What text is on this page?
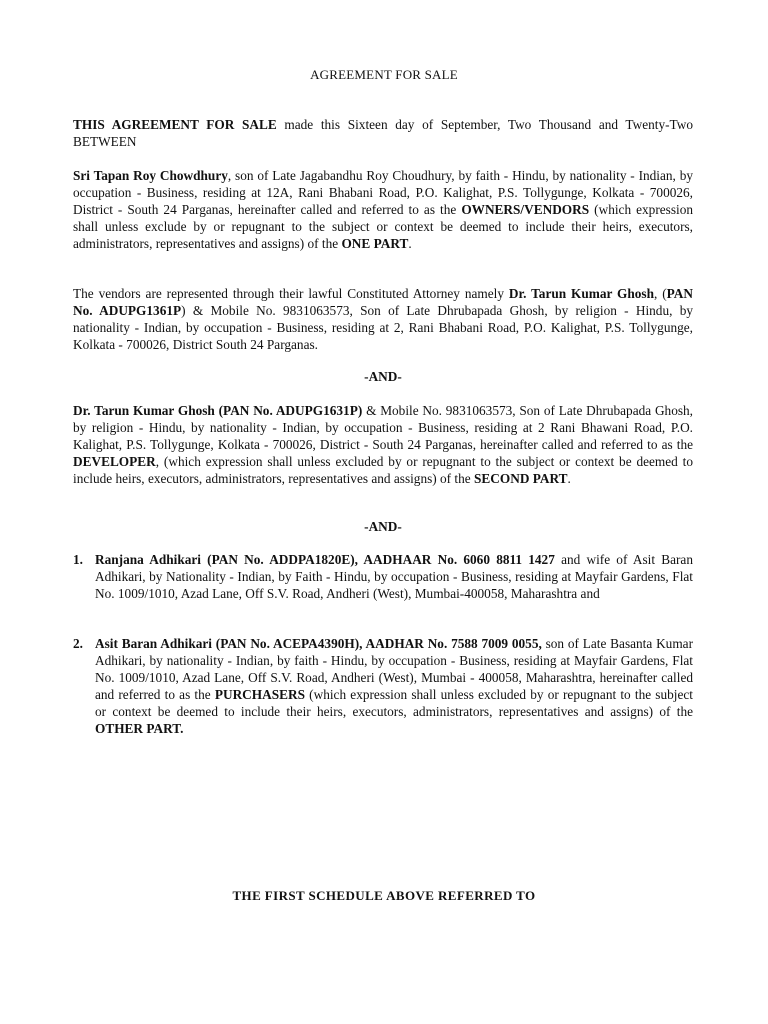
AGREEMENT FOR SALE

THIS AGREEMENT FOR SALE made this Sixteen day of September, Two Thousand and Twenty-Two BETWEEN

Sri Tapan Roy Chowdhury, son of Late Jagabandhu Roy Choudhury, by faith - Hindu, by nationality - Indian, by occupation - Business, residing at 12A, Rani Bhabani Road, P.O. Kalighat, P.S. Tollygunge, Kolkata - 700026, District - South 24 Parganas, hereinafter called and referred to as the OWNERS/VENDORS (which expression shall unless exclude by or repugnant to the subject or context be deemed to include their heirs, executors, administrators, representatives and assigns) of the ONE PART.

The vendors are represented through their lawful Constituted Attorney namely Dr. Tarun Kumar Ghosh, (PAN No. ADUPG1361P) & Mobile No. 9831063573, Son of Late Dhrubapada Ghosh, by religion - Hindu, by nationality - Indian, by occupation - Business, residing at 2, Rani Bhabani Road, P.O. Kalighat, P.S. Tollygunge, Kolkata - 700026, District South 24 Parganas.

-AND-

Dr. Tarun Kumar Ghosh (PAN No. ADUPG1631P) & Mobile No. 9831063573, Son of Late Dhrubapada Ghosh, by religion - Hindu, by nationality - Indian, by occupation - Business, residing at 2 Rani Bhawani Road, P.O. Kalighat, P.S. Tollygunge, Kolkata - 700026, District - South 24 Parganas, hereinafter called and referred to as the DEVELOPER, (which expression shall unless excluded by or repugnant to the subject or context be deemed to include heirs, executors, administrators, representatives and assigns) of the SECOND PART.

-AND-

1. Ranjana Adhikari (PAN No. ADDPA1820E), AADHAAR No. 6060 8811 1427 and wife of Asit Baran Adhikari, by Nationality - Indian, by Faith - Hindu, by occupation - Business, residing at Mayfair Gardens, Flat No. 1009/1010, Azad Lane, Off S.V. Road, Andheri (West), Mumbai-400058, Maharashtra and
2. Asit Baran Adhikari (PAN No. ACEPA4390H), AADHAR No. 7588 7009 0055, son of Late Basanta Kumar Adhikari, by nationality - Indian, by faith - Hindu, by occupation - Business, residing at Mayfair Gardens, Flat No. 1009/1010, Azad Lane, Off S.V. Road, Andheri (West), Mumbai - 400058, Maharashtra, hereinafter called and referred to as the PURCHASERS (which expression shall unless excluded by or repugnant to the subject or context be deemed to include their heirs, executors, administrators, representatives and assigns) of the OTHER PART.
THE FIRST SCHEDULE ABOVE REFERRED TO
